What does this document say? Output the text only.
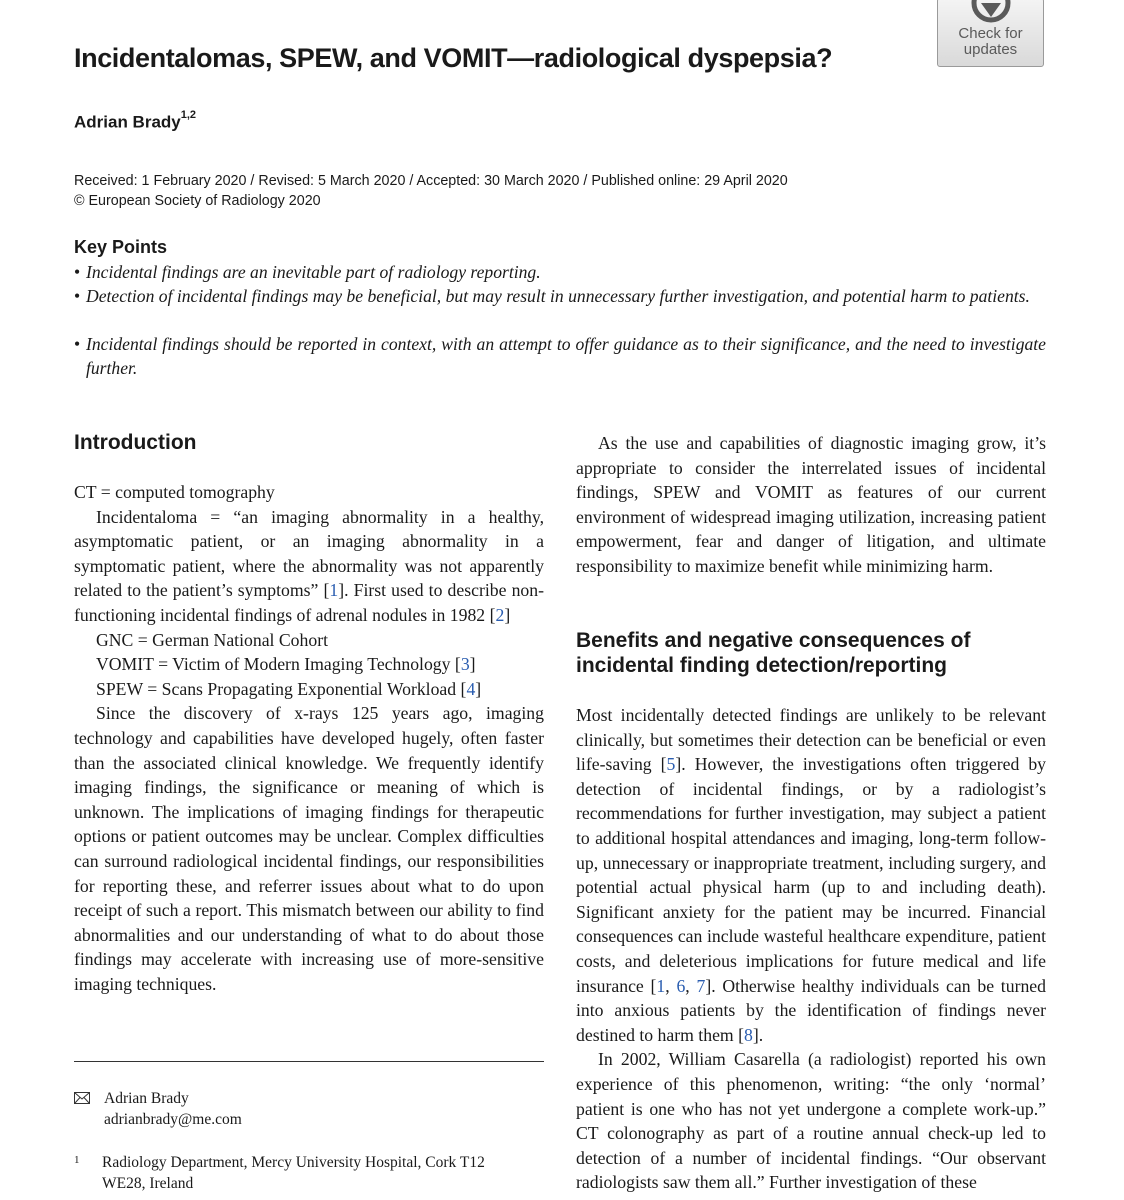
Check for
updates
Incidentalomas, SPEW, and VOMIT—radiological dyspepsia?
Adrian Brady$^{1,2}$
Received: 1 February 2020 / Revised: 5 March 2020 / Accepted: 30 March 2020 / Published online: 29 April 2020
© European Society of Radiology 2020
Key Points
• Incidental findings are an inevitable part of radiology reporting.
• Detection of incidental findings may be beneficial, but may result in unnecessary further investigation, and potential harm to patients.
• Incidental findings should be reported in context, with an attempt to offer guidance as to their significance, and the need to investigate further.
Introduction

CT = computed tomography

Incidentaloma = “an imaging abnormality in a healthy, asymptomatic patient, or an imaging abnormality in a symptomatic patient, where the abnormality was not apparently related to the patient’s symptoms” [1]. First used to describe non-functioning incidental findings of adrenal nodules in 1982 [2]

GNC = German National Cohort

VOMIT = Victim of Modern Imaging Technology [3]

SPEW = Scans Propagating Exponential Workload [4]

Since the discovery of x-rays 125 years ago, imaging technology and capabilities have developed hugely, often faster than the associated clinical knowledge. We frequently identify imaging findings, the significance or meaning of which is unknown. The implications of imaging findings for therapeutic options or patient outcomes may be unclear. Complex difficulties can surround radiological incidental findings, our responsibilities for reporting these, and referrer issues about what to do upon receipt of such a report. This mismatch between our ability to find abnormalities and our understanding of what to do about those findings may accelerate with increasing use of more-sensitive imaging techniques.

As the use and capabilities of diagnostic imaging grow, it’s appropriate to consider the interrelated issues of incidental findings, SPEW and VOMIT as features of our current environment of widespread imaging utilization, increasing patient empowerment, fear and danger of litigation, and ultimate responsibility to maximize benefit while minimizing harm.

Benefits and negative consequences of incidental finding detection/reporting

Most incidentally detected findings are unlikely to be relevant clinically, but sometimes their detection can be beneficial or even life-saving [5]. However, the investigations often triggered by detection of incidental findings, or by a radiologist’s recommendations for further investigation, may subject a patient to additional hospital attendances and imaging, long-term follow-up, unnecessary or inappropriate treatment, including surgery, and potential actual physical harm (up to and including death). Significant anxiety for the patient may be incurred. Financial consequences can include wasteful healthcare expenditure, patient costs, and deleterious implications for future medical and life insurance [1, 6, 7]. Otherwise healthy individuals can be turned into anxious patients by the identification of findings never destined to harm them [8].

In 2002, William Casarella (a radiologist) reported his own experience of this phenomenon, writing: “the only ‘normal’ patient is one who has not yet undergone a complete work-up.” CT colonography as part of a routine annual check-up led to detection of a number of incidental findings. “Our observant radiologists saw them all.” Further investigation of these

Adrian Brady
adrianbrady@me.com
1 Radiology Department, Mercy University Hospital, Cork T12 WE28, Ireland
